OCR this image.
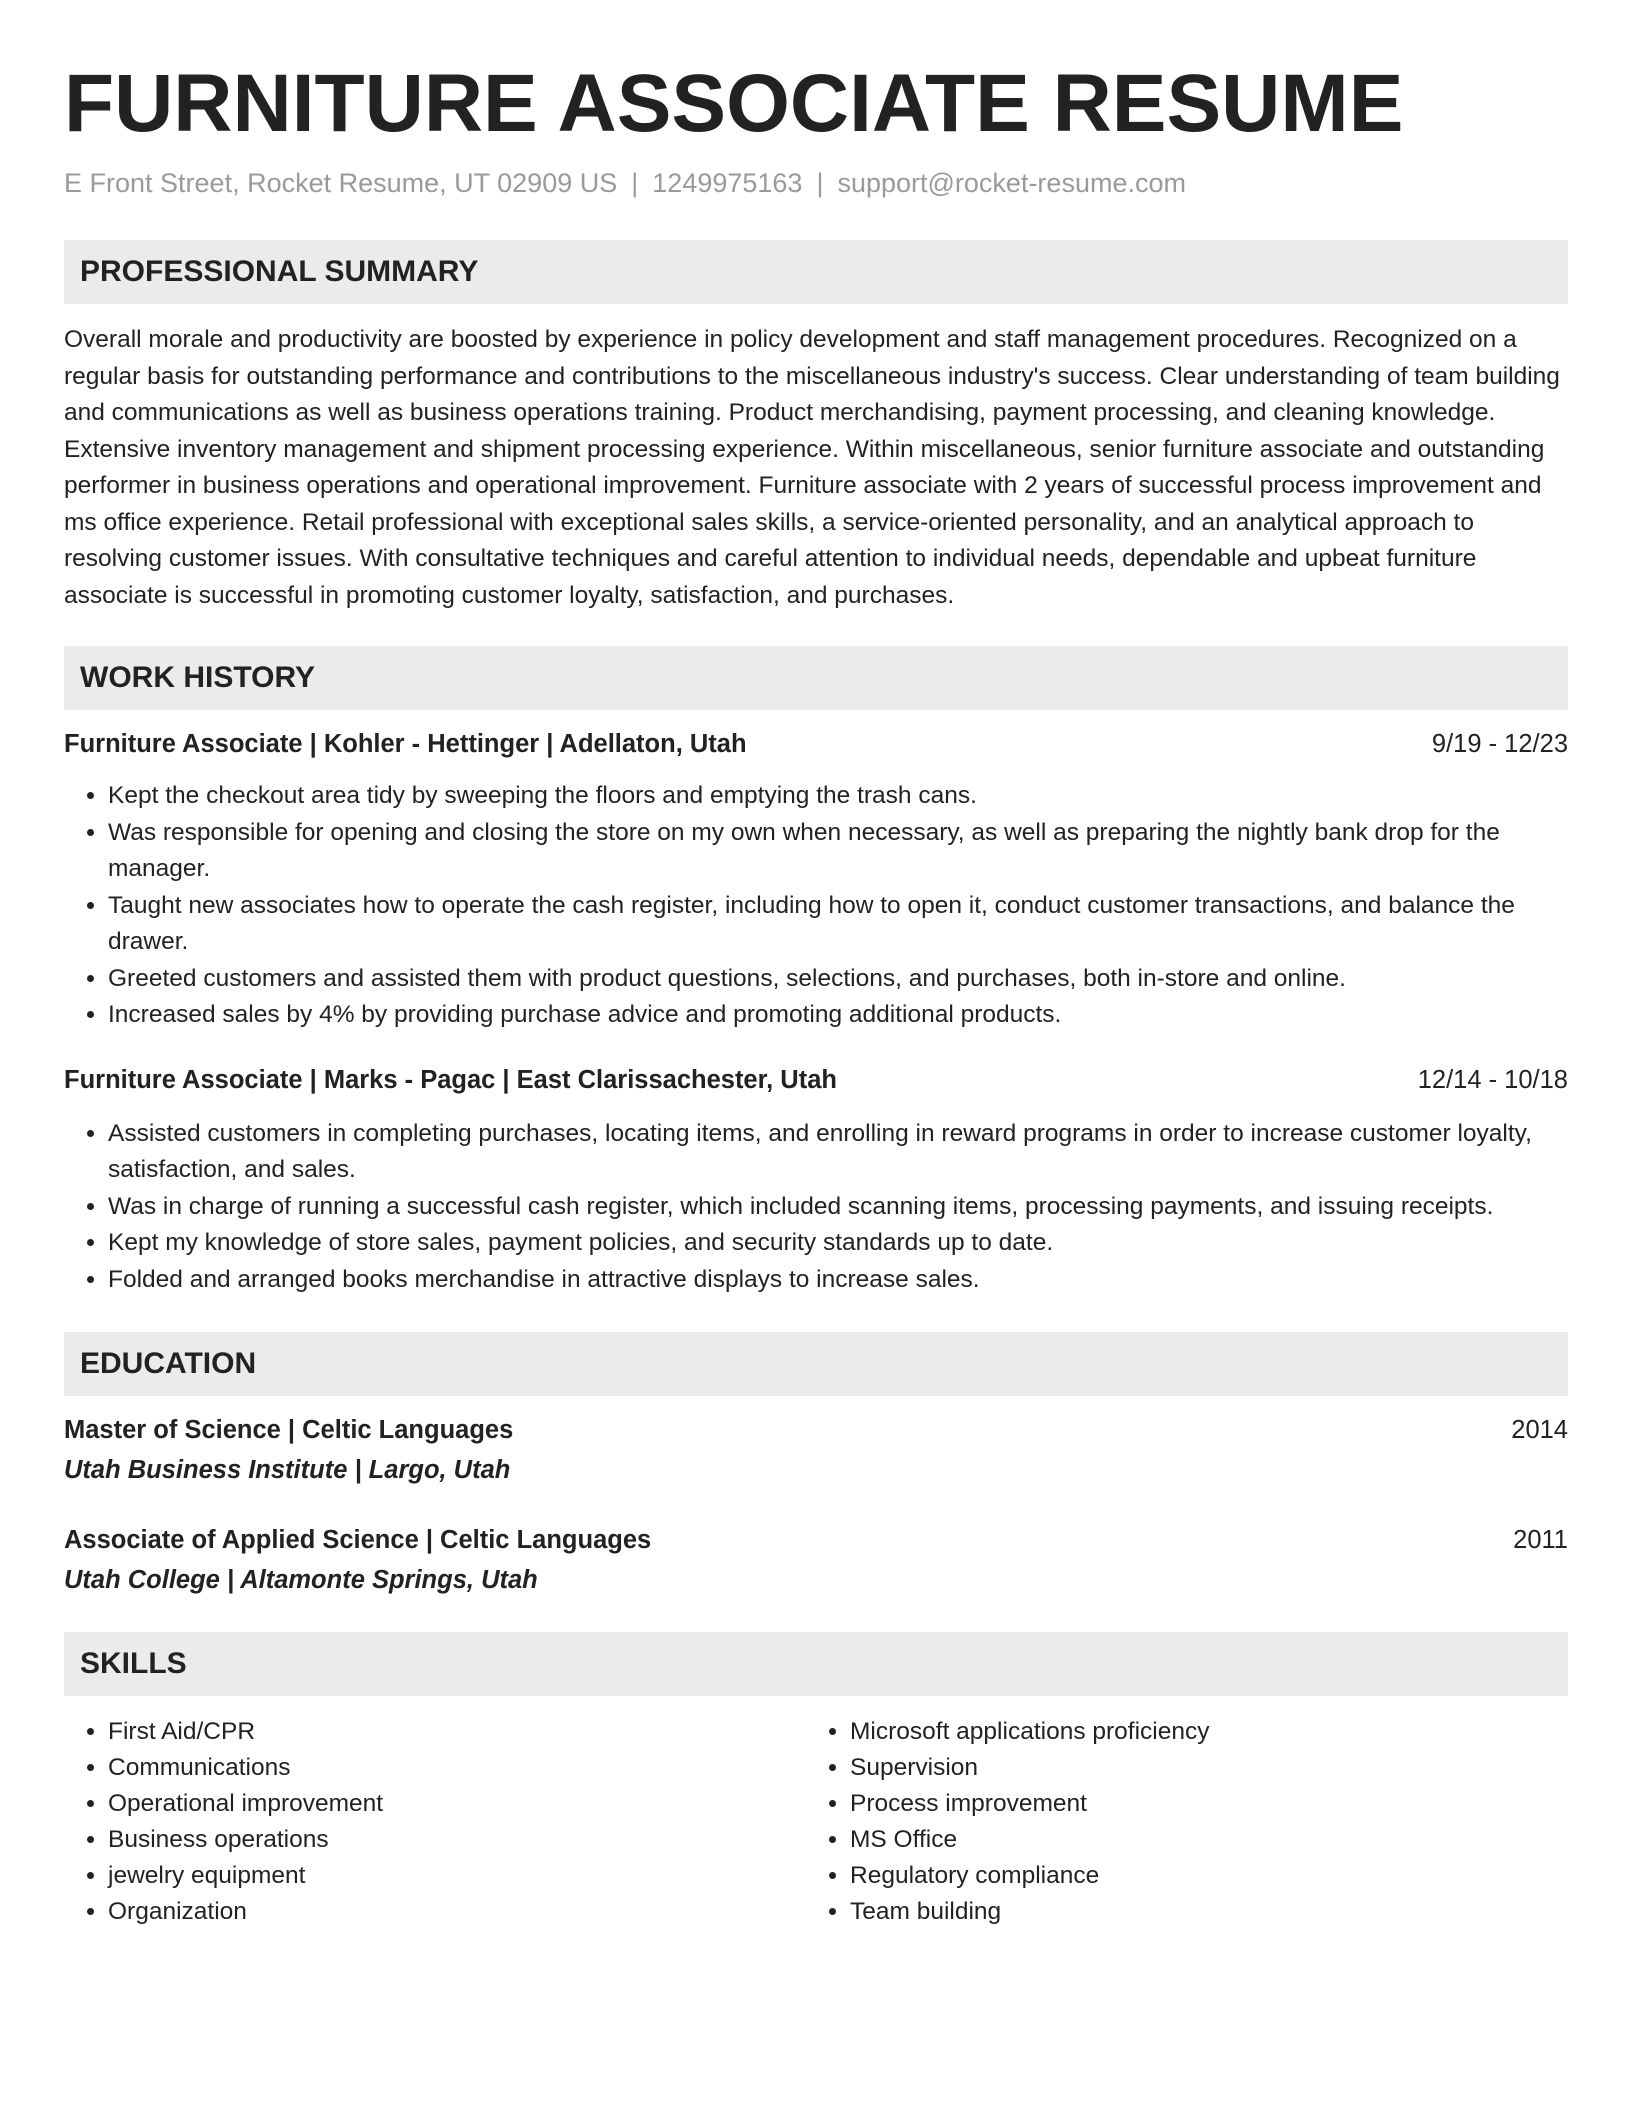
FURNITURE ASSOCIATE RESUME
E Front Street, Rocket Resume, UT 02909 US | 1249975163 | support@rocket-resume.com
PROFESSIONAL SUMMARY

Overall morale and productivity are boosted by experience in policy development and staff management procedures. Recognized on a regular basis for outstanding performance and contributions to the miscellaneous industry's success. Clear understanding of team building and communications as well as business operations training. Product merchandising, payment processing, and cleaning knowledge. Extensive inventory management and shipment processing experience. Within miscellaneous, senior furniture associate and outstanding performer in business operations and operational improvement. Furniture associate with 2 years of successful process improvement and ms office experience. Retail professional with exceptional sales skills, a service-oriented personality, and an analytical approach to resolving customer issues. With consultative techniques and careful attention to individual needs, dependable and upbeat furniture associate is successful in promoting customer loyalty, satisfaction, and purchases.

WORK HISTORY
Furniture Associate | Kohler - Hettinger | Adellaton, Utah	9/19 - 12/23
• Kept the checkout area tidy by sweeping the floors and emptying the trash cans.
• Was responsible for opening and closing the store on my own when necessary, as well as preparing the nightly bank drop for the manager.
• Taught new associates how to operate the cash register, including how to open it, conduct customer transactions, and balance the drawer.
• Greeted customers and assisted them with product questions, selections, and purchases, both in-store and online.
• Increased sales by 4% by providing purchase advice and promoting additional products.
Furniture Associate | Marks - Pagac | East Clarissachester, Utah	12/14 - 10/18
• Assisted customers in completing purchases, locating items, and enrolling in reward programs in order to increase customer loyalty, satisfaction, and sales.
• Was in charge of running a successful cash register, which included scanning items, processing payments, and issuing receipts.
• Kept my knowledge of store sales, payment policies, and security standards up to date.
• Folded and arranged books merchandise in attractive displays to increase sales.
EDUCATION
Master of Science | Celtic Languages	2014
Utah Business Institute | Largo, Utah
Associate of Applied Science | Celtic Languages	2011
Utah College | Altamonte Springs, Utah
SKILLS
• First Aid/CPR
• Communications
• Operational improvement
• Business operations
• jewelry equipment
• Organization
• Microsoft applications proficiency
• Supervision
• Process improvement
• MS Office
• Regulatory compliance
• Team building
